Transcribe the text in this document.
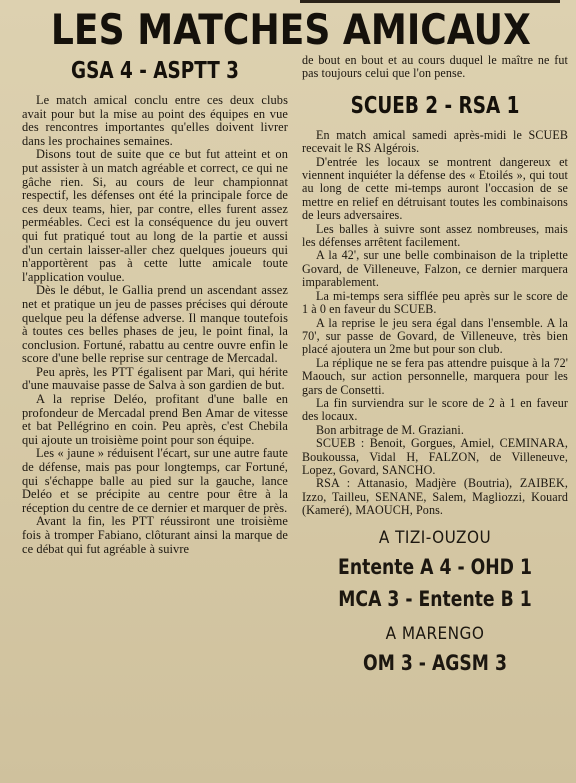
LES MATCHES AMICAUX
GSA 4 - ASPTT 3

Le match amical conclu entre ces deux clubs avait pour but la mise au point des équipes en vue des rencontres importantes qu'elles doivent livrer dans les prochaines semaines.

Disons tout de suite que ce but fut atteint et on put assister à un match agréable et correct, ce qui ne gâche rien. Si, au cours de leur championnat respectif, les défenses ont été la principale force de ces deux teams, hier, par contre, elles furent assez perméables. Ceci est la conséquence du jeu ouvert qui fut pratiqué tout au long de la partie et aussi d'un certain laisser-aller chez quelques joueurs qui n'apportèrent pas à cette lutte amicale toute l'application voulue.

Dès le début, le Gallia prend un ascendant assez net et pratique un jeu de passes précises qui déroute quelque peu la défense adverse. Il manque toutefois à toutes ces belles phases de jeu, le point final, la conclusion. Fortuné, rabattu au centre ouvre enfin le score d'une belle reprise sur centrage de Mercadal.

Peu après, les PTT égalisent par Mari, qui hérite d'une mauvaise passe de Salva à son gardien de but.

A la reprise Deléo, profitant d'une balle en profondeur de Mercadal prend Ben Amar de vitesse et bat Pellégrino en coin. Peu après, c'est Chebila qui ajoute un troisième point pour son équipe.

Les « jaune » réduisent l'écart, sur une autre faute de défense, mais pas pour longtemps, car Fortuné, qui s'échappe balle au pied sur la gauche, lance Deléo et se précipite au centre pour être à la réception du centre de ce dernier et marquer de près.

Avant la fin, les PTT réussiront une troisième fois à tromper Fabiano, clôturant ainsi la marque de ce débat qui fut agréable à suivre

de bout en bout et au cours duquel le maître ne fut pas toujours celui que l'on pense.

SCUEB 2 - RSA 1

En match amical samedi après-midi le SCUEB recevait le RS Algérois.

D'entrée les locaux se montrent dangereux et viennent inquiéter la défense des « Etoilés », qui tout au long de cette mi-temps auront l'occasion de se mettre en relief en détruisant toutes les combinaisons de leurs adversaires.

Les balles à suivre sont assez nombreuses, mais les défenses arrêtent facilement.

A la 42', sur une belle combinaison de la triplette Govard, de Villeneuve, Falzon, ce dernier marquera imparablement.

La mi-temps sera sifflée peu après sur le score de 1 à 0 en faveur du SCUEB.

A la reprise le jeu sera égal dans l'ensemble. A la 70', sur passe de Govard, de Villeneuve, très bien placé ajoutera un 2me but pour son club.

La réplique ne se fera pas attendre puisque à la 72' Maouch, sur action personnelle, marquera pour les gars de Consetti.

La fin surviendra sur le score de 2 à 1 en faveur des locaux.

Bon arbitrage de M. Graziani.

SCUEB : Benoit, Gorgues, Amiel, CEMINARA, Boukoussa, Vidal H, FALZON, de Villeneuve, Lopez, Govard, SANCHO.

RSA : Attanasio, Madjère (Boutria), ZAIBEK, Izzo, Tailleu, SENANE, Salem, Magliozzi, Kouard (Kameré), MAOUCH, Pons.

A TIZI-OUZOU
Entente A 4 - OHD 1
MCA 3 - Entente B 1
A MARENGO
OM 3 - AGSM 3
